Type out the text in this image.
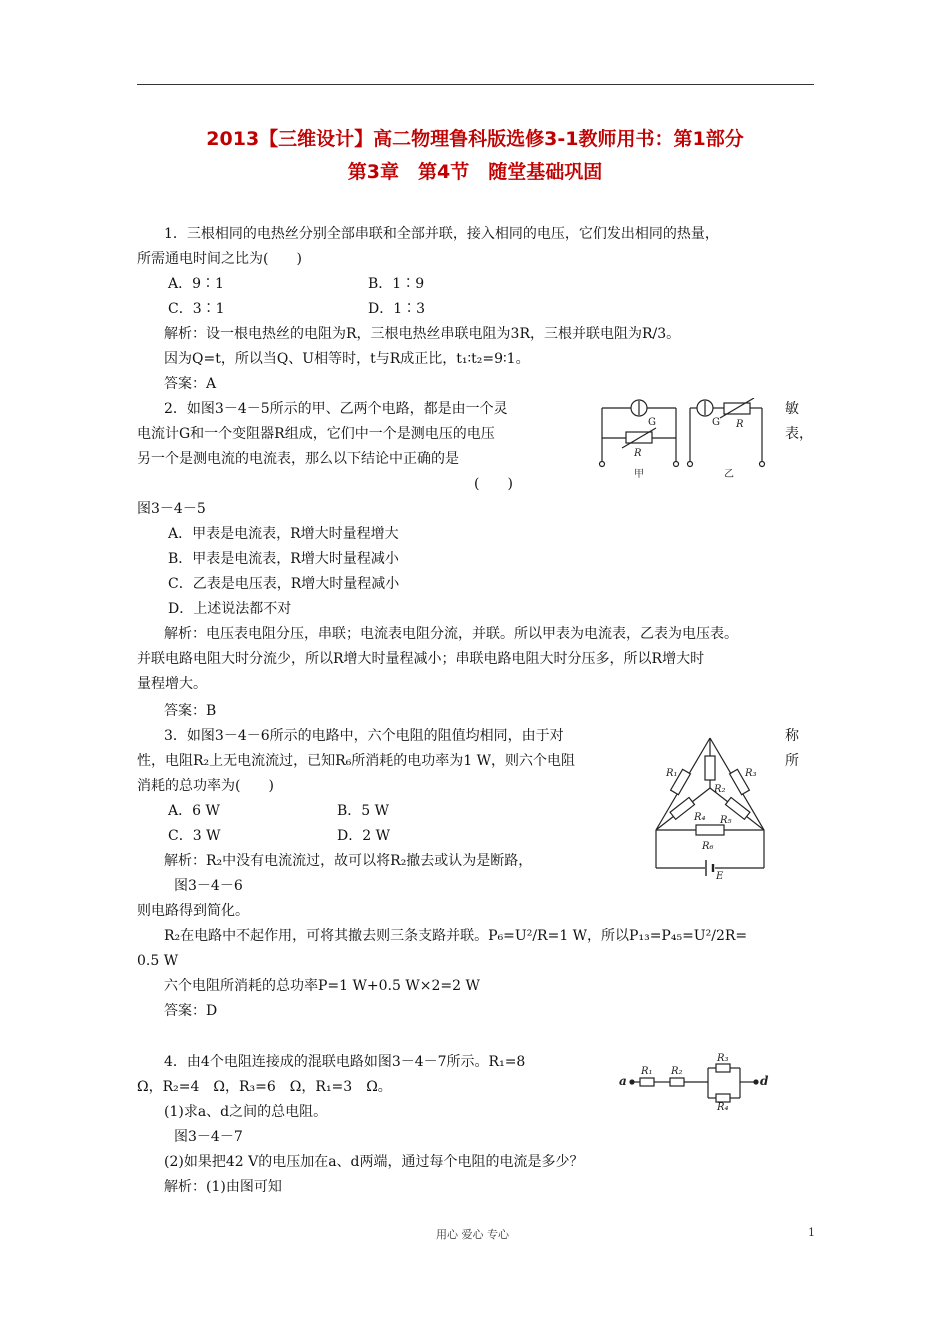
2013【三维设计】高二物理鲁科版选修3-1教师用书：第1部分
第3章　第4节　随堂基础巩固
1．三根相同的电热丝分别全部串联和全部并联，接入相同的电压，它们发出相同的热量，
所需通电时间之比为(　　)
A．9∶1	B．1∶9
C．3∶1	D．1∶3
解析：设一根电热丝的电阻为R，三根电热丝串联电阻为3R，三根并联电阻为R/3。
因为Q=t，所以当Q、U相等时，t与R成正比，t₁∶t₂=9∶1。
答案：A
2．如图3－4－5所示的甲、乙两个电路，都是由一个灵	敏
电流计G和一个变阻器R组成，它们中一个是测电压的电压	表，
另一个是测电流的电流表，那么以下结论中正确的是
(　　)
图3－4－5
A．甲表是电流表，R增大时量程增大
B．甲表是电流表，R增大时量程减小
C．乙表是电压表，R增大时量程减小
D．上述说法都不对
解析：电压表电阻分压，串联；电流表电阻分流，并联。所以甲表为电流表，乙表为电压表。
并联电路电阻大时分流少，所以R增大时量程减小；串联电路电阻大时分压多，所以R增大时
量程增大。
答案：B
G
R
甲
G R
乙
3．如图3－4－6所示的电路中，六个电阻的阻值均相同，由于对	称
性，电阻R₂上无电流流过，已知R₆所消耗的电功率为1 W，则六个电阻	所
消耗的总功率为(　　)
A．6 W	B．5 W
C．3 W	D．2 W
解析：R₂中没有电流流过，故可以将R₂撤去或认为是断路，
图3－4－6
则电路得到简化。
R₂在电路中不起作用，可将其撤去则三条支路并联。P₆=U²/R=1 W，所以P₁₃=P₄₅=U²/2R=
0.5 W
六个电阻所消耗的总功率P=1 W+0.5 W×2=2 W
答案：D
R₁
R₂
R₃
R₄ R₅
R₆
E
4．由4个电阻连接成的混联电路如图3－4－7所示。R₁=8
Ω，R₂=4　Ω，R₃=6　Ω，R₁=3　Ω。
(1)求a、d之间的总电阻。
图3－4－7
(2)如果把42 V的电压加在a、d两端，通过每个电阻的电流是多少？
解析：(1)由图可知
a	d
R₁ R₂
R₃
R₄
用心 爱心 专心	1
